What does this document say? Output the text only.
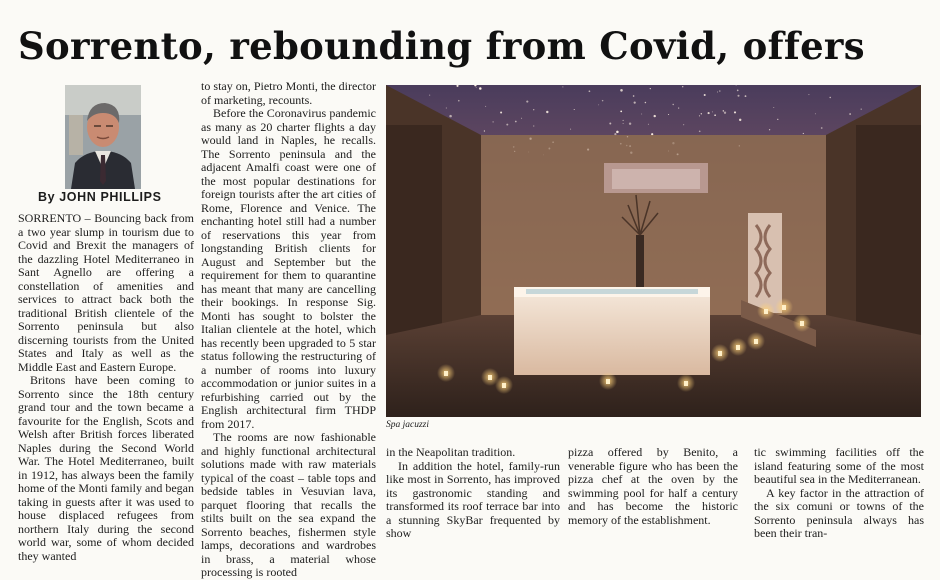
Sorrento, rebounding from Covid, offers
By JOHN PHILLIPS

SORRENTO – Bouncing back from a two year slump in tourism due to Covid and Brexit the managers of the dazzling Hotel Mediterraneo in Sant Agnello are offering a constellation of amenities and services to attract back both the traditional British clientele of the Sorrento peninsula but also discerning tourists from the United States and Italy as well as the Middle East and Eastern Europe.

Britons have been coming to Sorrento since the 18th century grand tour and the town became a favourite for the English, Scots and Welsh after British forces liberated Naples during the Second World War. The Hotel Mediterraneo, built in 1912, has always been the family home of the Monti family and began taking in guests after it was used to house displaced refugees from northern Italy during the second world war, some of whom decided they wanted

to stay on, Pietro Monti, the director of marketing, recounts.

Before the Coronavirus pandemic as many as 20 charter flights a day would land in Naples, he recalls. The Sorrento peninsula and the adjacent Amalfi coast were one of the most popular destinations for foreign tourists after the art cities of Rome, Florence and Venice. The enchanting hotel still had a number of reservations this year from longstanding British clients for August and September but the requirement for them to quarantine has meant that many are cancelling their bookings. In response Sig. Monti has sought to bolster the Italian clientele at the hotel, which has recently been upgraded to 5 star status following the restructuring of a number of rooms into luxury accommodation or junior suites in a refurbishing carried out by the English architectural firm THDP from 2017.

The rooms are now fashionable and highly functional architectural solutions made with raw materials typical of the coast – table tops and bedside tables in Vesuvian lava, parquet flooring that recalls the stilts built on the sea expand the Sorrento beaches, fishermen style lamps, decorations and wardrobes in brass, a material whose processing is rooted

Spa jacuzzi

in the Neapolitan tradition.

In addition the hotel, family-run like most in Sorrento, has improved its gastronomic standing and transformed its roof terrace bar into a stunning SkyBar frequented by show

pizza offered by Benito, a venerable figure who has been the pizza chef at the oven by the swimming pool for half a century and has become the historic memory of the establishment.

tic swimming facilities off the island featuring some of the most beautiful sea in the Mediterranean.

A key factor in the attraction of the six comuni or towns of the Sorrento peninsula always has been their tran-
